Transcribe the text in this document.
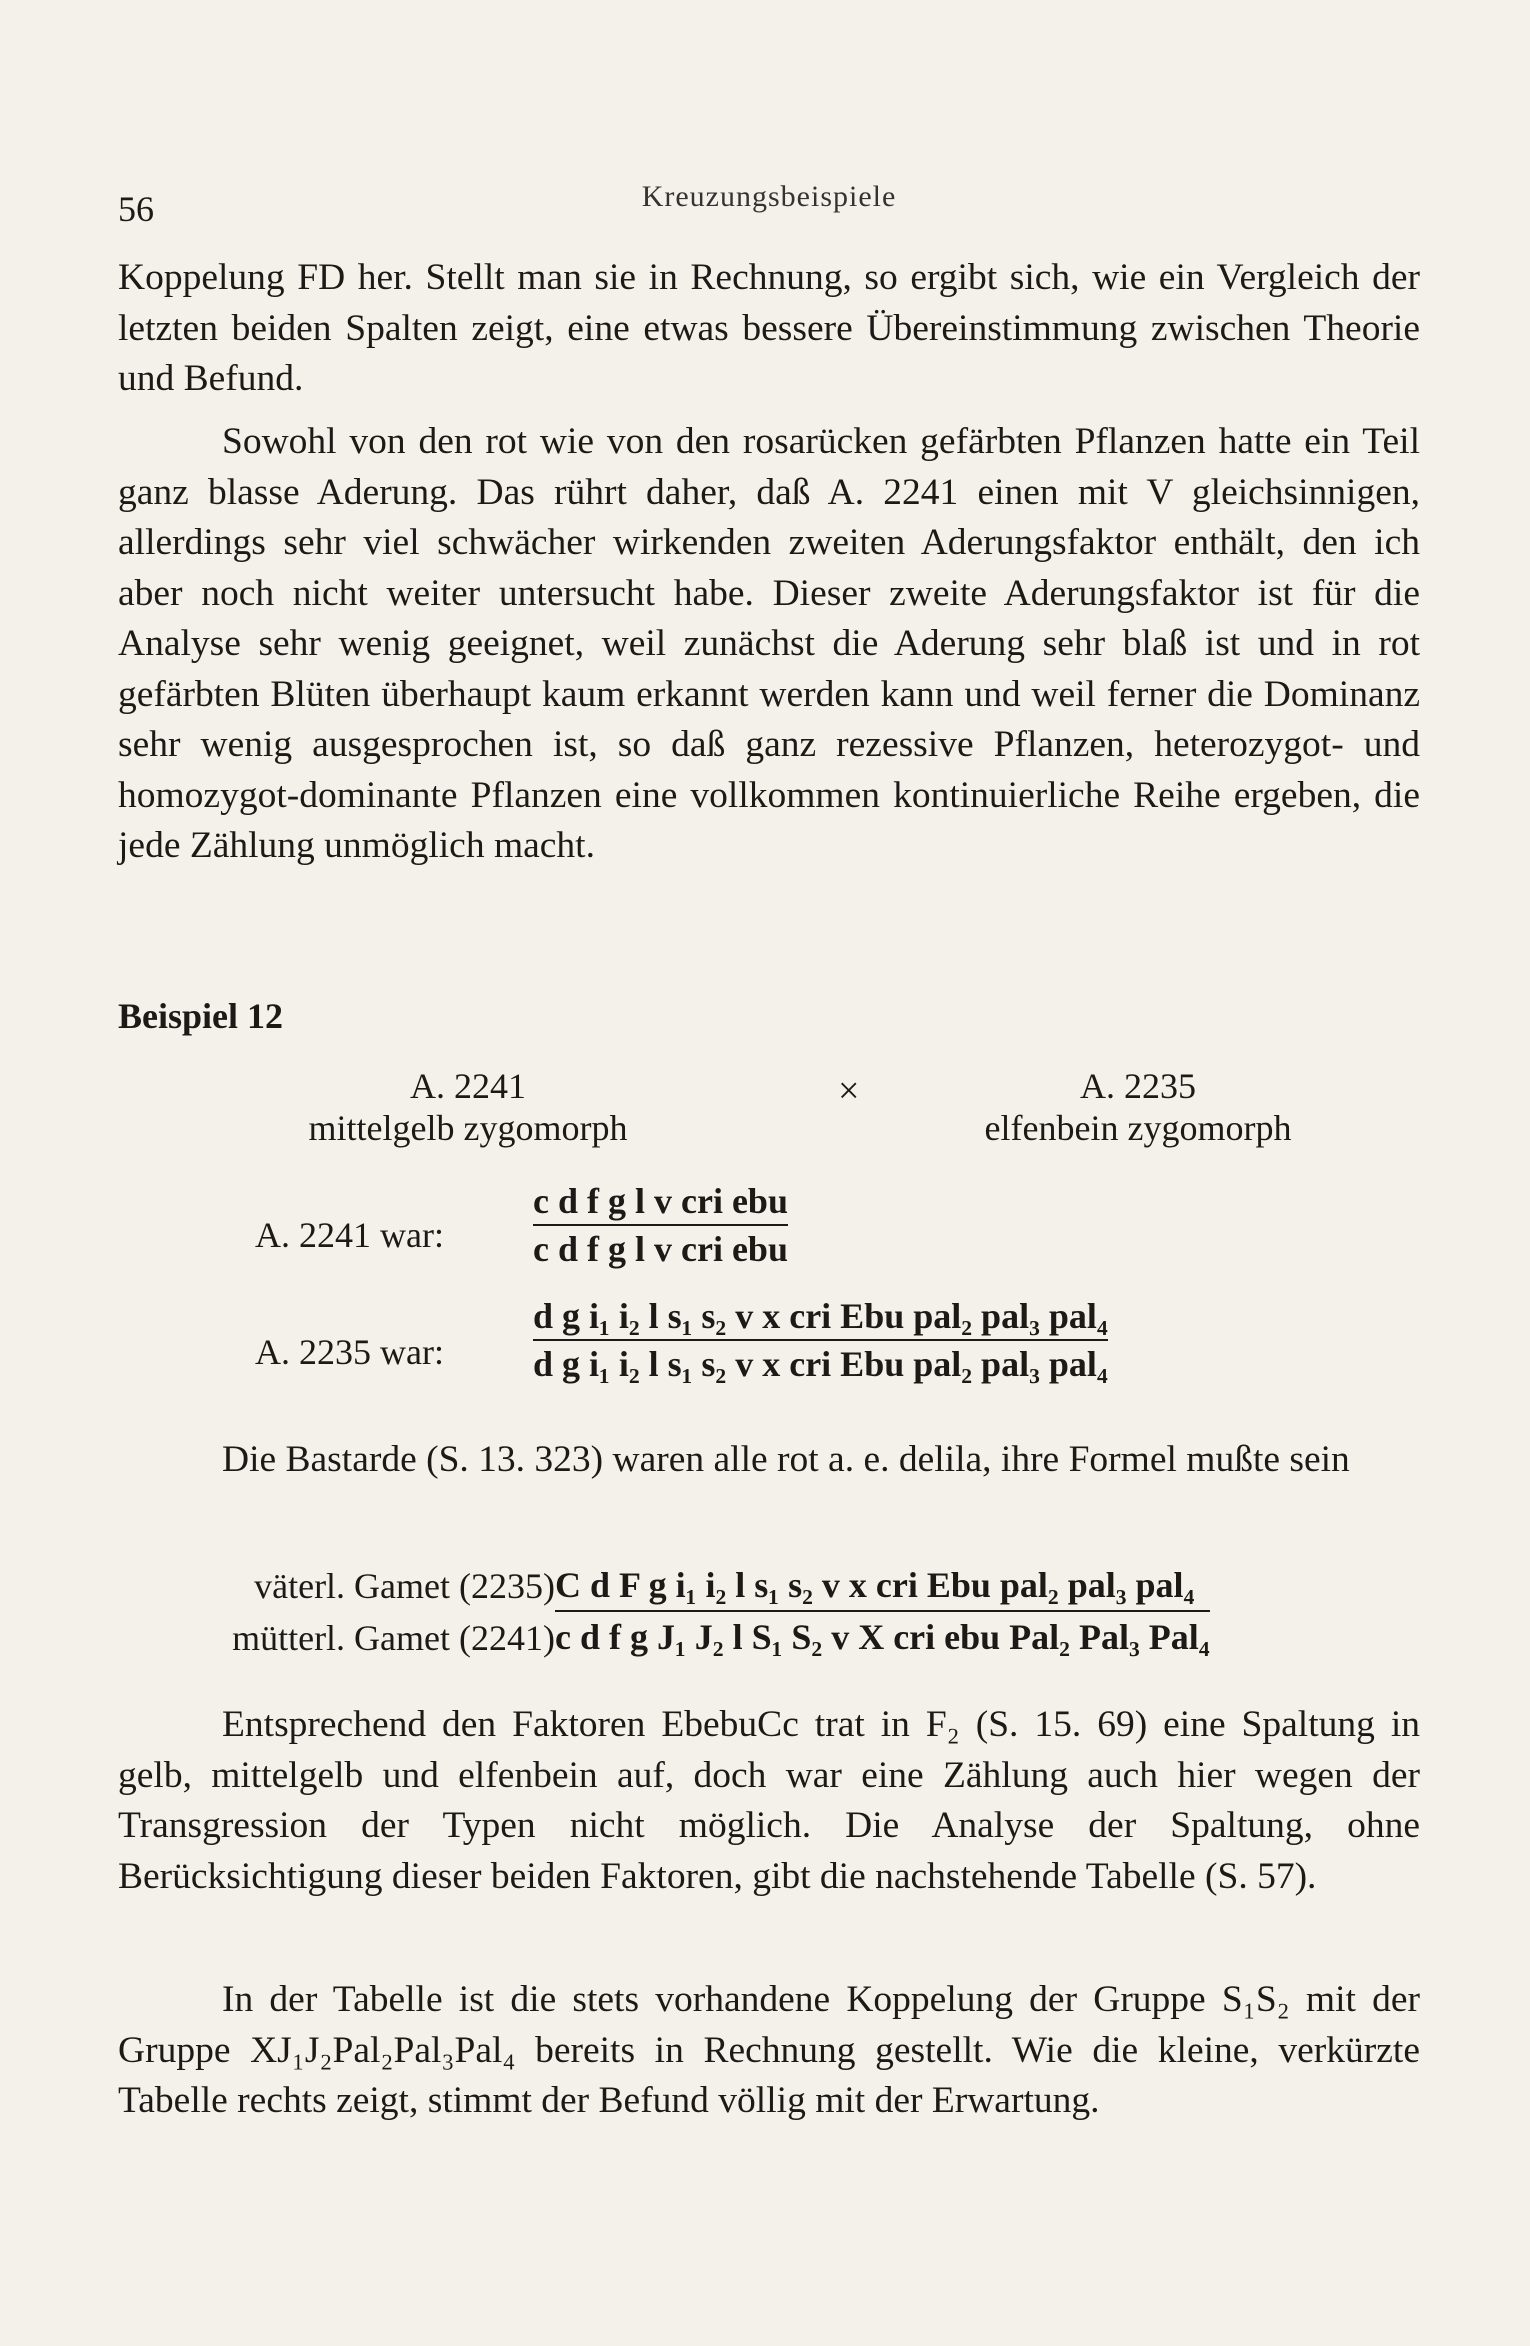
56	Kreuzungsbeispiele

Koppelung FD her. Stellt man sie in Rechnung, so ergibt sich, wie ein Vergleich der letzten beiden Spalten zeigt, eine etwas bessere Übereinstimmung zwischen Theorie und Befund.

Sowohl von den rot wie von den rosarücken gefärbten Pflanzen hatte ein Teil ganz blasse Aderung. Das rührt daher, daß A. 2241 einen mit V gleichsinnigen, allerdings sehr viel schwächer wirkenden zweiten Aderungsfaktor enthält, den ich aber noch nicht weiter untersucht habe. Dieser zweite Aderungsfaktor ist für die Analyse sehr wenig geeignet, weil zunächst die Aderung sehr blaß ist und in rot gefärbten Blüten überhaupt kaum erkannt werden kann und weil ferner die Dominanz sehr wenig ausgesprochen ist, so daß ganz rezessive Pflanzen, heterozygot- und homozygot-dominante Pflanzen eine vollkommen kontinuierliche Reihe ergeben, die jede Zählung unmöglich macht.

Beispiel 12
A. 2241
mittelgelb zygomorph
×	A. 2235
elfenbein zygomorph
A. 2241 war:
c d f g l v cri ebu
c d f g l v cri ebu
A. 2235 war:
d g i₁ i₂ l s₁ s₂ v x cri Ebu pal₂ pal₃ pal₄
d g i₁ i₂ l s₁ s₂ v x cri Ebu pal₂ pal₃ pal₄

Die Bastarde (S. 13. 323) waren alle rot a. e. delila, ihre Formel mußte sein

väterl. Gamet (2235)
mütterl. Gamet (2241)
C d F g i₁ i₂ l s₁ s₂ v x cri Ebu pal₂ pal₃ pal₄
c d f g J₁ J₂ l S₁ S₂ v X cri ebu Pal₂ Pal₃ Pal₄

Entsprechend den Faktoren EbebuCc trat in F₂ (S. 15. 69) eine Spaltung in gelb, mittelgelb und elfenbein auf, doch war eine Zählung auch hier wegen der Transgression der Typen nicht möglich. Die Analyse der Spaltung, ohne Berücksichtigung dieser beiden Faktoren, gibt die nachstehende Tabelle (S. 57).

In der Tabelle ist die stets vorhandene Koppelung der Gruppe S₁S₂ mit der Gruppe XJ₁J₂Pal₂Pal₃Pal₄ bereits in Rechnung gestellt. Wie die kleine, verkürzte Tabelle rechts zeigt, stimmt der Befund völlig mit der Erwartung.
